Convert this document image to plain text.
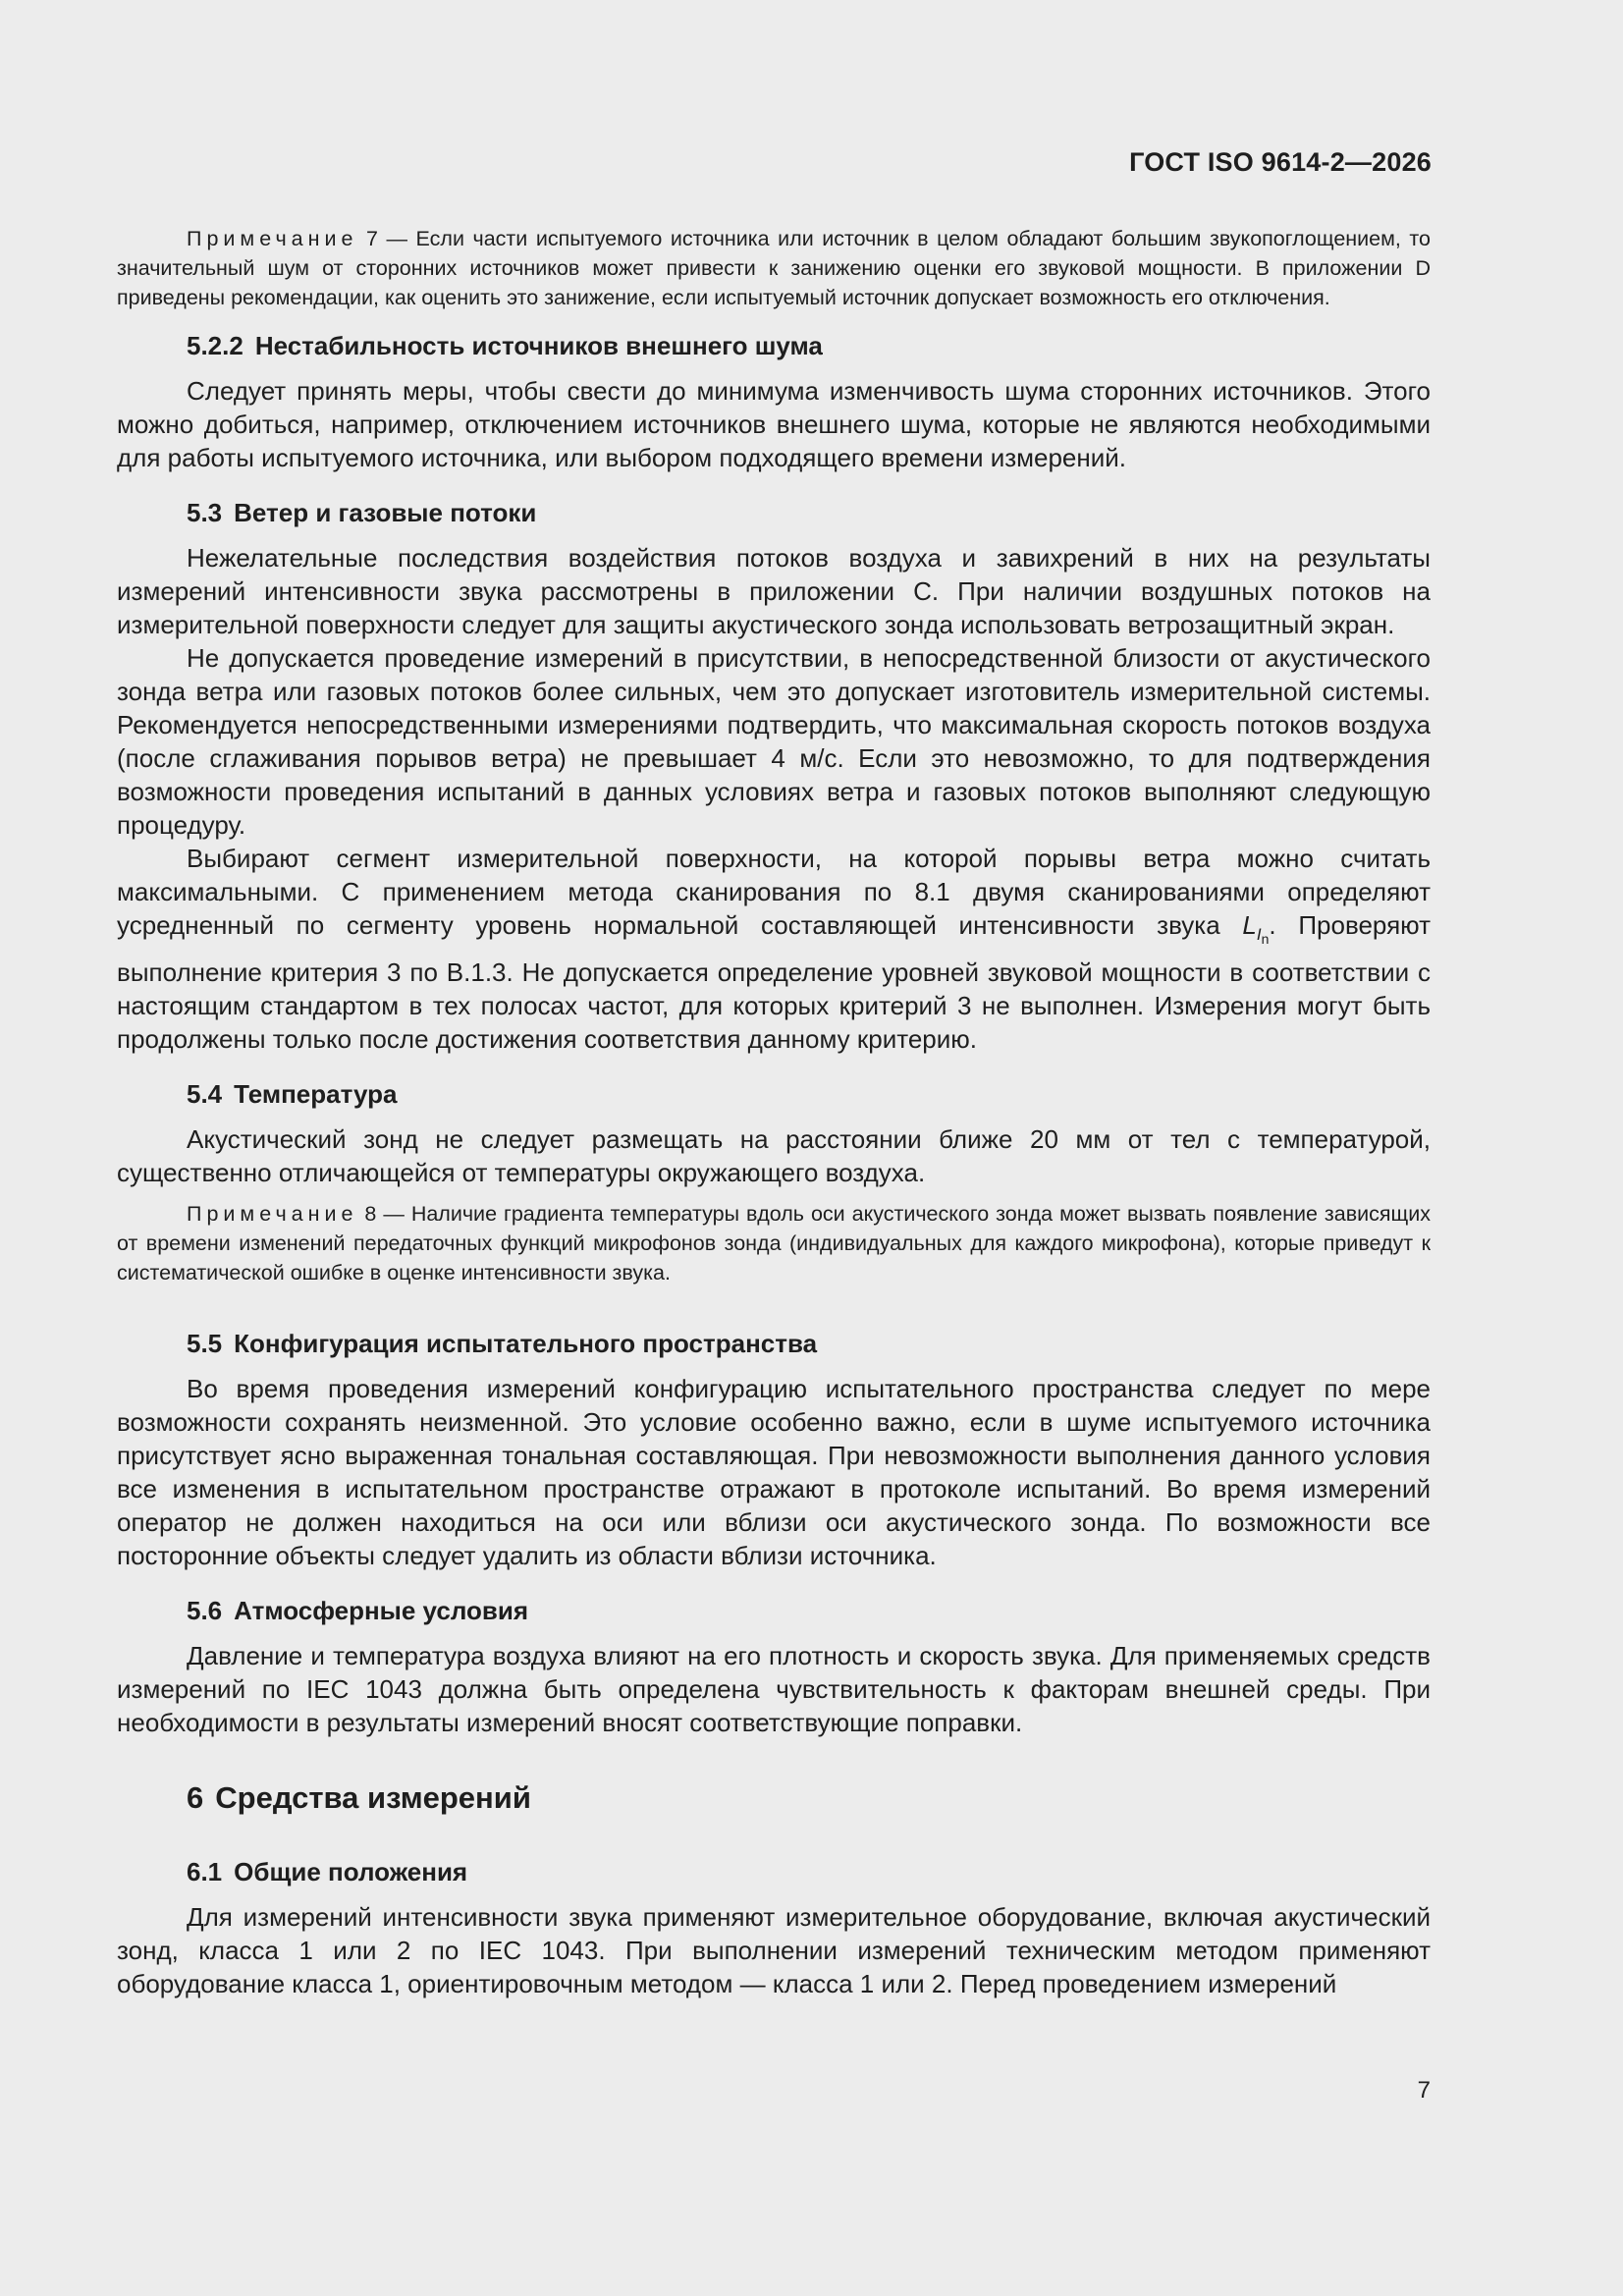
ГОСТ ISO 9614-2—2026

Примечание 7 — Если части испытуемого источника или источник в целом обладают большим звукопоглощением, то значительный шум от сторонних источников может привести к занижению оценки его звуковой мощности. В приложении D приведены рекомендации, как оценить это занижение, если испытуемый источник допускает возможность его отключения.

5.2.2 Нестабильность источников внешнего шума

Следует принять меры, чтобы свести до минимума изменчивость шума сторонних источников. Этого можно добиться, например, отключением источников внешнего шума, которые не являются необходимыми для работы испытуемого источника, или выбором подходящего времени измерений.

5.3 Ветер и газовые потоки

Нежелательные последствия воздействия потоков воздуха и завихрений в них на результаты измерений интенсивности звука рассмотрены в приложении С. При наличии воздушных потоков на измерительной поверхности следует для защиты акустического зонда использовать ветрозащитный экран.

Не допускается проведение измерений в присутствии, в непосредственной близости от акустического зонда ветра или газовых потоков более сильных, чем это допускает изготовитель измерительной системы. Рекомендуется непосредственными измерениями подтвердить, что максимальная скорость потоков воздуха (после сглаживания порывов ветра) не превышает 4 м/с. Если это невозможно, то для подтверждения возможности проведения испытаний в данных условиях ветра и газовых потоков выполняют следующую процедуру.

Выбирают сегмент измерительной поверхности, на которой порывы ветра можно считать максимальными. С применением метода сканирования по 8.1 двумя сканированиями определяют усредненный по сегменту уровень нормальной составляющей интенсивности звука $L_{I_n}$. Проверяют выполнение критерия 3 по В.1.3. Не допускается определение уровней звуковой мощности в соответствии с настоящим стандартом в тех полосах частот, для которых критерий 3 не выполнен. Измерения могут быть продолжены только после достижения соответствия данному критерию.

5.4 Температура

Акустический зонд не следует размещать на расстоянии ближе 20 мм от тел с температурой, существенно отличающейся от температуры окружающего воздуха.

Примечание 8 — Наличие градиента температуры вдоль оси акустического зонда может вызвать появление зависящих от времени изменений передаточных функций микрофонов зонда (индивидуальных для каждого микрофона), которые приведут к систематической ошибке в оценке интенсивности звука.

5.5 Конфигурация испытательного пространства

Во время проведения измерений конфигурацию испытательного пространства следует по мере возможности сохранять неизменной. Это условие особенно важно, если в шуме испытуемого источника присутствует ясно выраженная тональная составляющая. При невозможности выполнения данного условия все изменения в испытательном пространстве отражают в протоколе испытаний. Во время измерений оператор не должен находиться на оси или вблизи оси акустического зонда. По возможности все посторонние объекты следует удалить из области вблизи источника.

5.6 Атмосферные условия

Давление и температура воздуха влияют на его плотность и скорость звука. Для применяемых средств измерений по IEC 1043 должна быть определена чувствительность к факторам внешней среды. При необходимости в результаты измерений вносят соответствующие поправки.

6 Средства измерений
6.1 Общие положения

Для измерений интенсивности звука применяют измерительное оборудование, включая акустический зонд, класса 1 или 2 по IEC 1043. При выполнении измерений техническим методом применяют оборудование класса 1, ориентировочным методом — класса 1 или 2. Перед проведением измерений

7
